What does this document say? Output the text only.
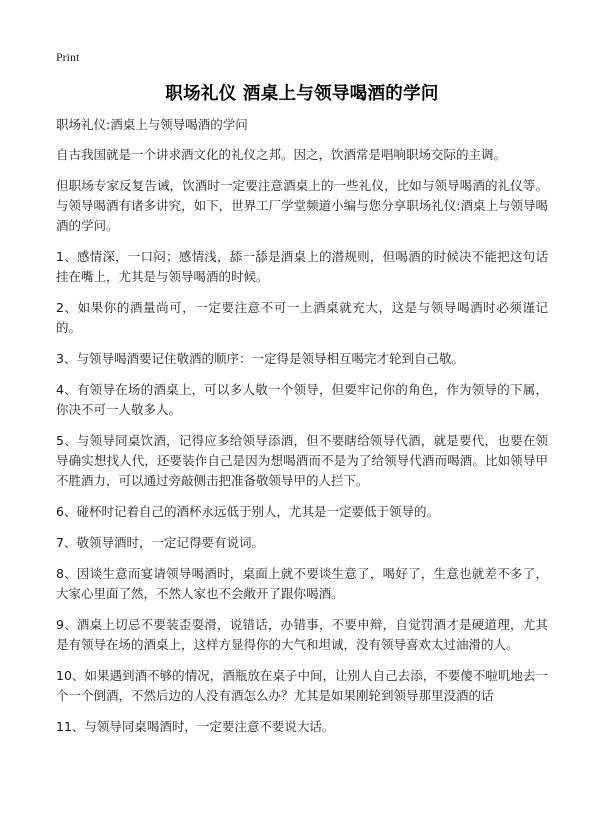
Print
职场礼仪 酒桌上与领导喝酒的学问

职场礼仪:酒桌上与领导喝酒的学问

自古我国就是一个讲求酒文化的礼仪之邦。因之，饮酒常是唱响职场交际的主调。

但职场专家反复告诫，饮酒时一定要注意酒桌上的一些礼仪，比如与领导喝酒的礼仪等。与领导喝酒有诸多讲究，如下，世界工厂学堂频道小编与您分享职场礼仪:酒桌上与领导喝酒的学问。

1、感情深，一口闷；感情浅，舔一舔是酒桌上的潜规则，但喝酒的时候决不能把这句话挂在嘴上，尤其是与领导喝酒的时候。

2、如果你的酒量尚可，一定要注意不可一上酒桌就充大，这是与领导喝酒时必须谨记的。

3、与领导喝酒要记住敬酒的顺序：一定得是领导相互喝完才轮到自己敬。

4、有领导在场的酒桌上，可以多人敬一个领导，但要牢记你的角色，作为领导的下属，你决不可一人敬多人。

5、与领导同桌饮酒，记得应多给领导添酒，但不要瞎给领导代酒，就是要代，也要在领导确实想找人代，还要装作自己是因为想喝酒而不是为了给领导代酒而喝酒。比如领导甲不胜酒力，可以通过旁敲侧击把准备敬领导甲的人拦下。

6、碰杯时记着自己的酒杯永远低于别人，尤其是一定要低于领导的。

7、敬领导酒时，一定记得要有说词。

8、因谈生意而宴请领导喝酒时，桌面上就不要谈生意了，喝好了，生意也就差不多了，大家心里面了然，不然人家也不会敞开了跟你喝酒。

9、酒桌上切忌不要装歪耍滑，说错话，办错事，不要申辩，自觉罚酒才是硬道理，尤其是有领导在场的酒桌上，这样方显得你的大气和坦诚，没有领导喜欢太过油滑的人。

10、如果遇到酒不够的情况，酒瓶放在桌子中间，让别人自己去添，不要傻不啦叽地去一个一个倒酒，不然后边的人没有酒怎么办？尤其是如果刚轮到领导那里没酒的话

11、与领导同桌喝酒时，一定要注意不要说大话。
